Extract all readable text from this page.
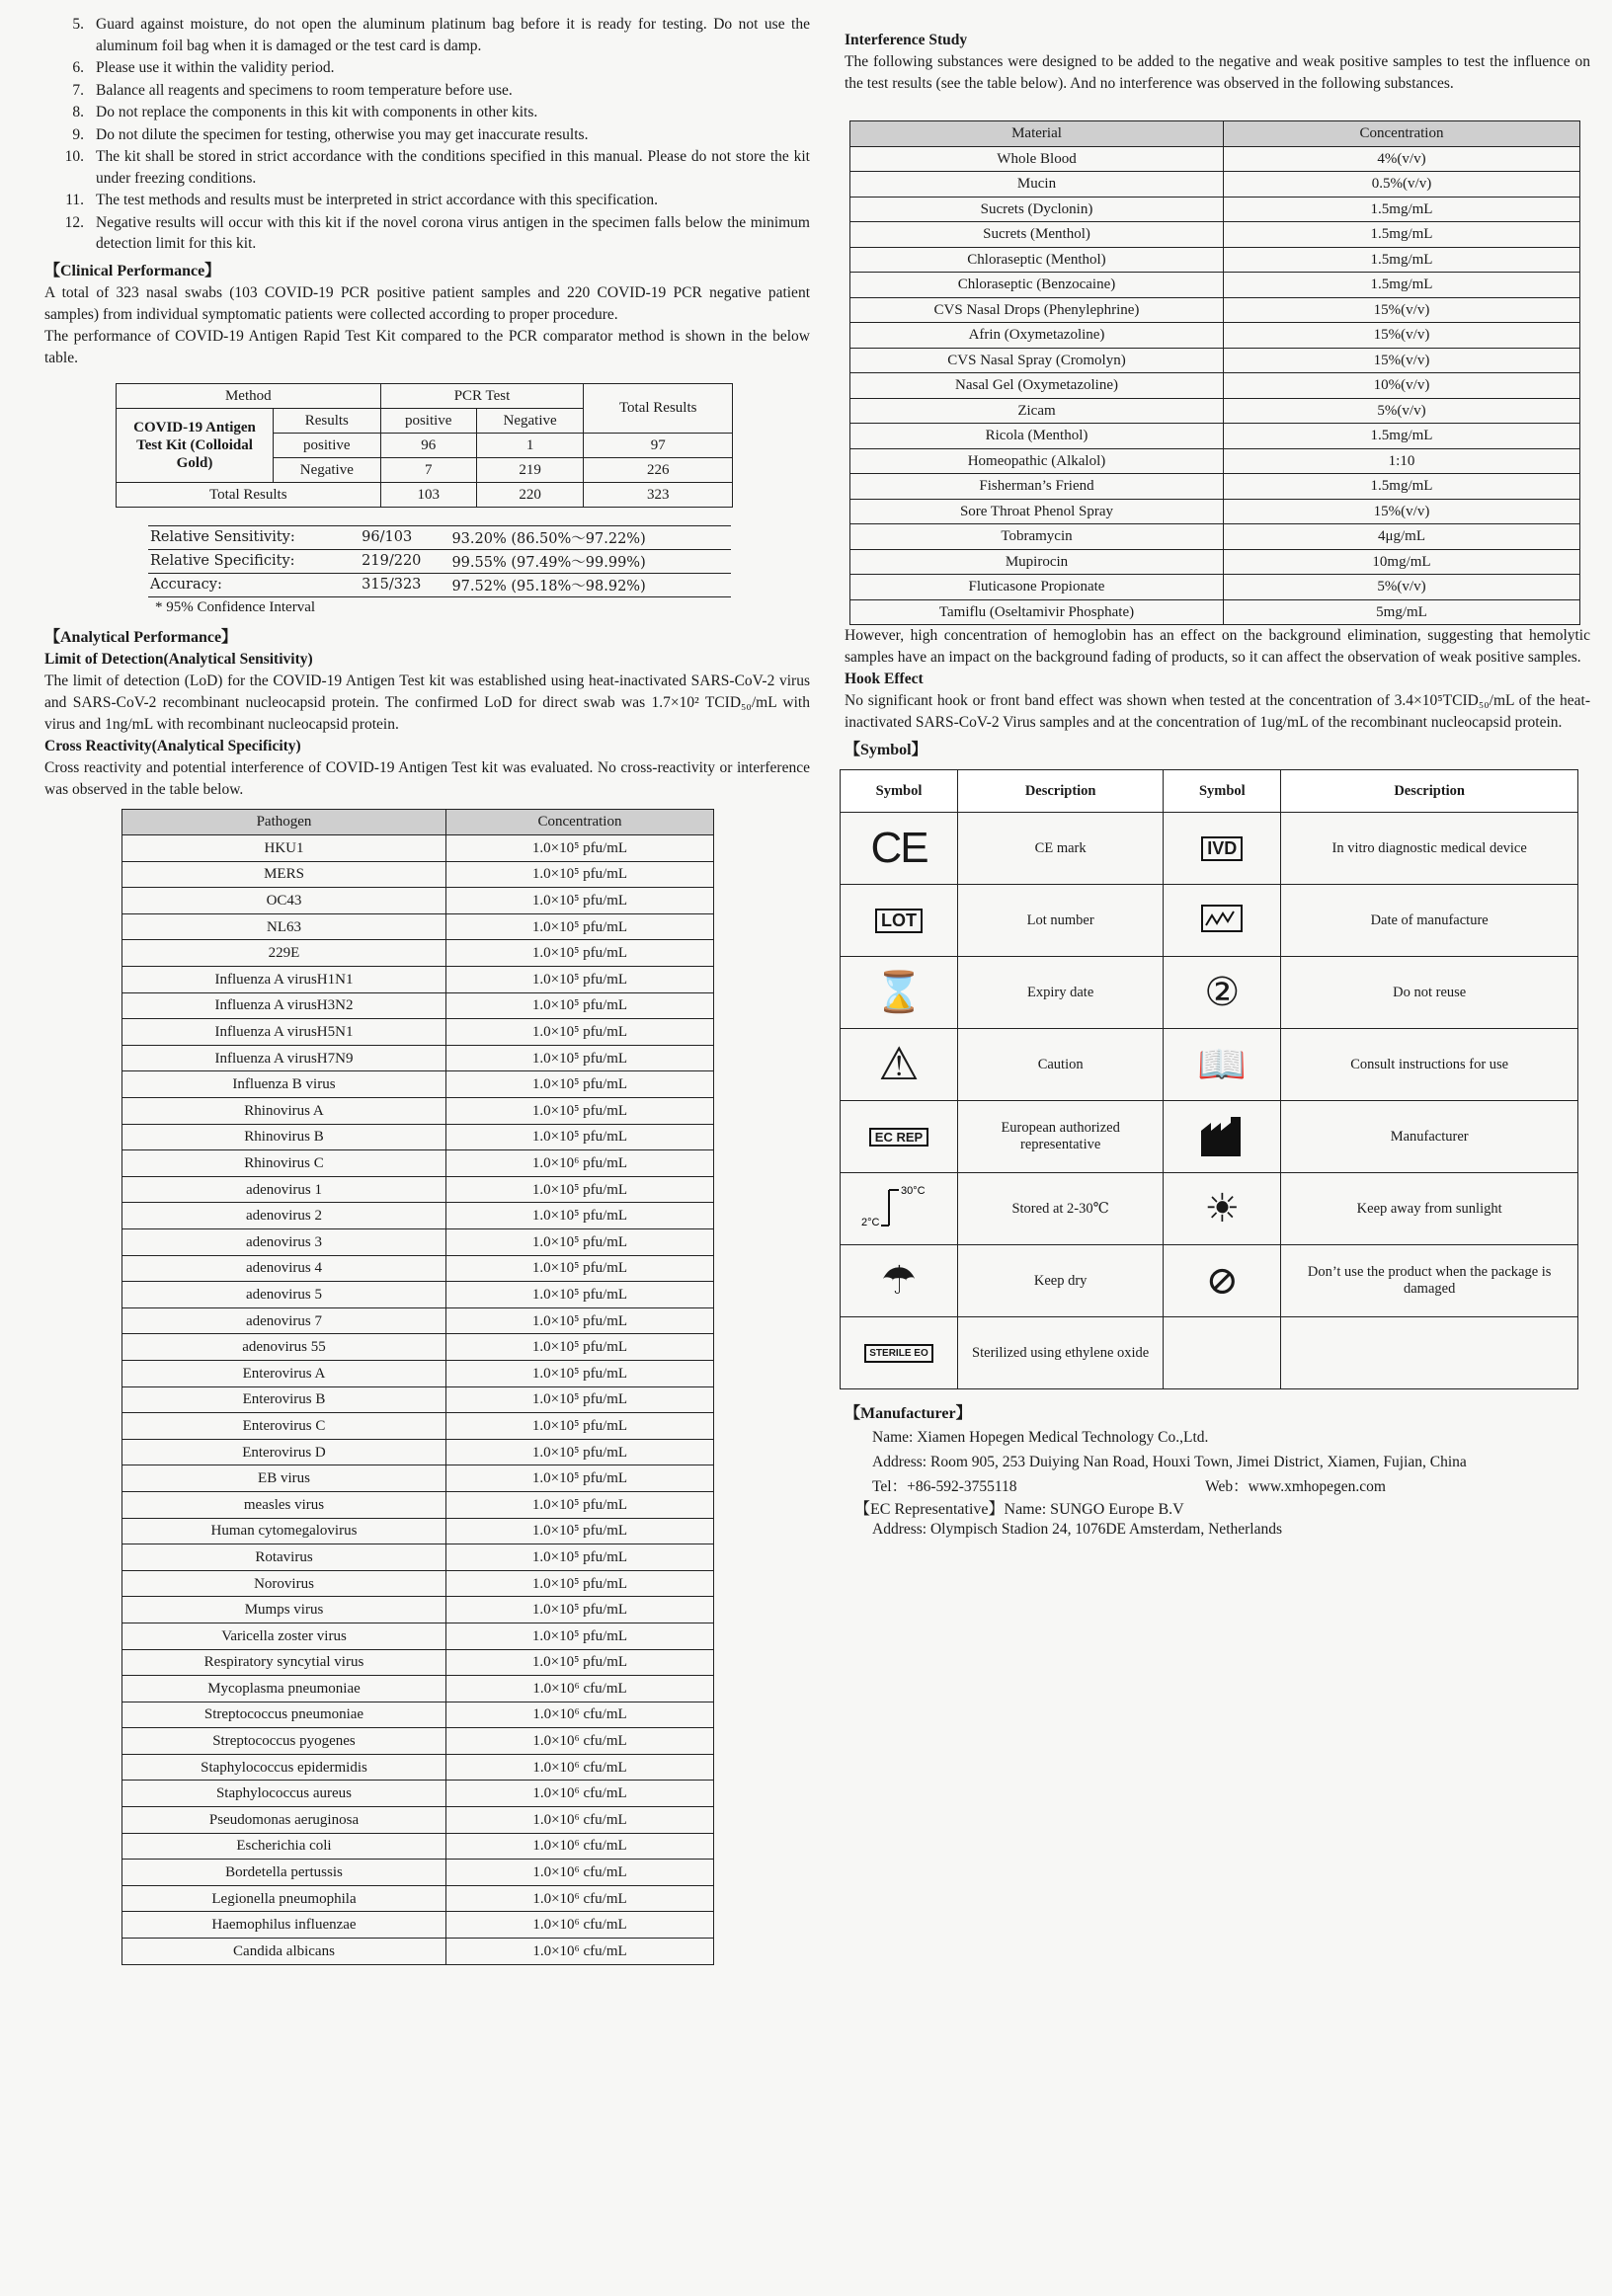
5. Guard against moisture, do not open the aluminum platinum bag before it is ready for testing. Do not use the aluminum foil bag when it is damaged or the test card is damp.
6. Please use it within the validity period.
7. Balance all reagents and specimens to room temperature before use.
8. Do not replace the components in this kit with components in other kits.
9. Do not dilute the specimen for testing, otherwise you may get inaccurate results.
10. The kit shall be stored in strict accordance with the conditions specified in this manual. Please do not store the kit under freezing conditions.
11. The test methods and results must be interpreted in strict accordance with this specification.
12. Negative results will occur with this kit if the novel corona virus antigen in the specimen falls below the minimum detection limit for this kit.
【Clinical Performance】

A total of 323 nasal swabs (103 COVID-19 PCR positive patient samples and 220 COVID-19 PCR negative patient samples) from individual symptomatic patients were collected according to proper procedure.

The performance of COVID-19 Antigen Rapid Test Kit compared to the PCR comparator method is shown in the below table.

Method		PCR Test		Total Results
COVID-19 Antigen Test Kit (Colloidal Gold)	Results	positive	Negative	
	positive	96	1	97
	Negative	7	219	226
Total Results		103	220	323
Relative Sensitivity:	96/103	93.20% (86.50%～97.22%)
Relative Specificity:	219/220	99.55% (97.49%～99.99%)
Accuracy:	315/323	97.52% (95.18%～98.92%)
* 95% Confidence Interval
【Analytical Performance】
Limit of Detection(Analytical Sensitivity)

The limit of detection (LoD) for the COVID-19 Antigen Test kit was established using heat-inactivated SARS-CoV-2 virus and SARS-CoV-2 recombinant nucleocapsid protein. The confirmed LoD for direct swab was 1.7×10² TCID₅₀/mL with virus and 1ng/mL with recombinant nucleocapsid protein.

Cross Reactivity(Analytical Specificity)

Cross reactivity and potential interference of COVID-19 Antigen Test kit was evaluated. No cross-reactivity or interference was observed in the table below.

Pathogen	Concentration
HKU1	1.0×10⁵ pfu/mL
MERS	1.0×10⁵ pfu/mL
OC43	1.0×10⁵ pfu/mL
NL63	1.0×10⁵ pfu/mL
229E	1.0×10⁵ pfu/mL
Influenza A virusH1N1	1.0×10⁵ pfu/mL
Influenza A virusH3N2	1.0×10⁵ pfu/mL
Influenza A virusH5N1	1.0×10⁵ pfu/mL
Influenza A virusH7N9	1.0×10⁵ pfu/mL
Influenza B virus	1.0×10⁵ pfu/mL
Rhinovirus A	1.0×10⁵ pfu/mL
Rhinovirus B	1.0×10⁵ pfu/mL
Rhinovirus C	1.0×10⁶ pfu/mL
adenovirus 1	1.0×10⁵ pfu/mL
adenovirus 2	1.0×10⁵ pfu/mL
adenovirus 3	1.0×10⁵ pfu/mL
adenovirus 4	1.0×10⁵ pfu/mL
adenovirus 5	1.0×10⁵ pfu/mL
adenovirus 7	1.0×10⁵ pfu/mL
adenovirus 55	1.0×10⁵ pfu/mL
Enterovirus A	1.0×10⁵ pfu/mL
Enterovirus B	1.0×10⁵ pfu/mL
Enterovirus C	1.0×10⁵ pfu/mL
Enterovirus D	1.0×10⁵ pfu/mL
EB virus	1.0×10⁵ pfu/mL
measles virus	1.0×10⁵ pfu/mL
Human cytomegalovirus	1.0×10⁵ pfu/mL
Rotavirus	1.0×10⁵ pfu/mL
Norovirus	1.0×10⁵ pfu/mL
Mumps virus	1.0×10⁵ pfu/mL
Varicella zoster virus	1.0×10⁵ pfu/mL
Respiratory syncytial virus	1.0×10⁵ pfu/mL
Mycoplasma pneumoniae	1.0×10⁶ cfu/mL
Streptococcus pneumoniae	1.0×10⁶ cfu/mL
Streptococcus pyogenes	1.0×10⁶ cfu/mL
Staphylococcus epidermidis	1.0×10⁶ cfu/mL
Staphylococcus aureus	1.0×10⁶ cfu/mL
Pseudomonas aeruginosa	1.0×10⁶ cfu/mL
Escherichia coli	1.0×10⁶ cfu/mL
Bordetella pertussis	1.0×10⁶ cfu/mL
Legionella pneumophila	1.0×10⁶ cfu/mL
Haemophilus influenzae	1.0×10⁶ cfu/mL
Candida albicans	1.0×10⁶ cfu/mL
Interference Study

The following substances were designed to be added to the negative and weak positive samples to test the influence on the test results (see the table below). And no interference was observed in the following substances.

Material	Concentration
Whole Blood	4%(v/v)
Mucin	0.5%(v/v)
Sucrets (Dyclonin)	1.5mg/mL
Sucrets (Menthol)	1.5mg/mL
Chloraseptic (Menthol)	1.5mg/mL
Chloraseptic (Benzocaine)	1.5mg/mL
CVS Nasal Drops (Phenylephrine)	15%(v/v)
Afrin (Oxymetazoline)	15%(v/v)
CVS Nasal Spray (Cromolyn)	15%(v/v)
Nasal Gel (Oxymetazoline)	10%(v/v)
Zicam	5%(v/v)
Ricola (Menthol)	1.5mg/mL
Homeopathic (Alkalol)	1:10
Fisherman’s Friend	1.5mg/mL
Sore Throat Phenol Spray	15%(v/v)
Tobramycin	4μg/mL
Mupirocin	10mg/mL
Fluticasone Propionate	5%(v/v)
Tamiflu (Oseltamivir Phosphate)	5mg/mL

However, high concentration of hemoglobin has an effect on the background elimination, suggesting that hemolytic samples have an impact on the background fading of products, so it can affect the observation of weak positive samples.

Hook Effect

No significant hook or front band effect was shown when tested at the concentration of 3.4×10⁵TCID₅₀/mL of the heat-inactivated SARS-CoV-2 Virus samples and at the concentration of 1ug/mL of the recombinant nucleocapsid protein.

【Symbol】
Symbol	Description	Symbol	Description
CE	CE mark	IVD	In vitro diagnostic medical device
LOT	Lot number		Date of manufacture
⌛	Expiry date	②	Do not reuse
⚠	Caution	📖	Consult instructions for use
EC REP	European authorized representative		Manufacturer

2°C
30°C	Stored at 2-30℃	☀	Keep away from sunlight
☂	Keep dry	⊘	Don’t use the product when the package is damaged
STERILE EO	Sterilized using ethylene oxide		
【Manufacturer】
Name: Xiamen Hopegen Medical Technology Co.,Ltd.
Address: Room 905, 253 Duiying Nan Road, Houxi Town, Jimei District, Xiamen, Fujian, China
Tel：+86-592-3755118	Web：www.xmhopegen.com
【EC Representative】Name: SUNGO Europe B.V
Address: Olympisch Stadion 24, 1076DE Amsterdam, Netherlands
